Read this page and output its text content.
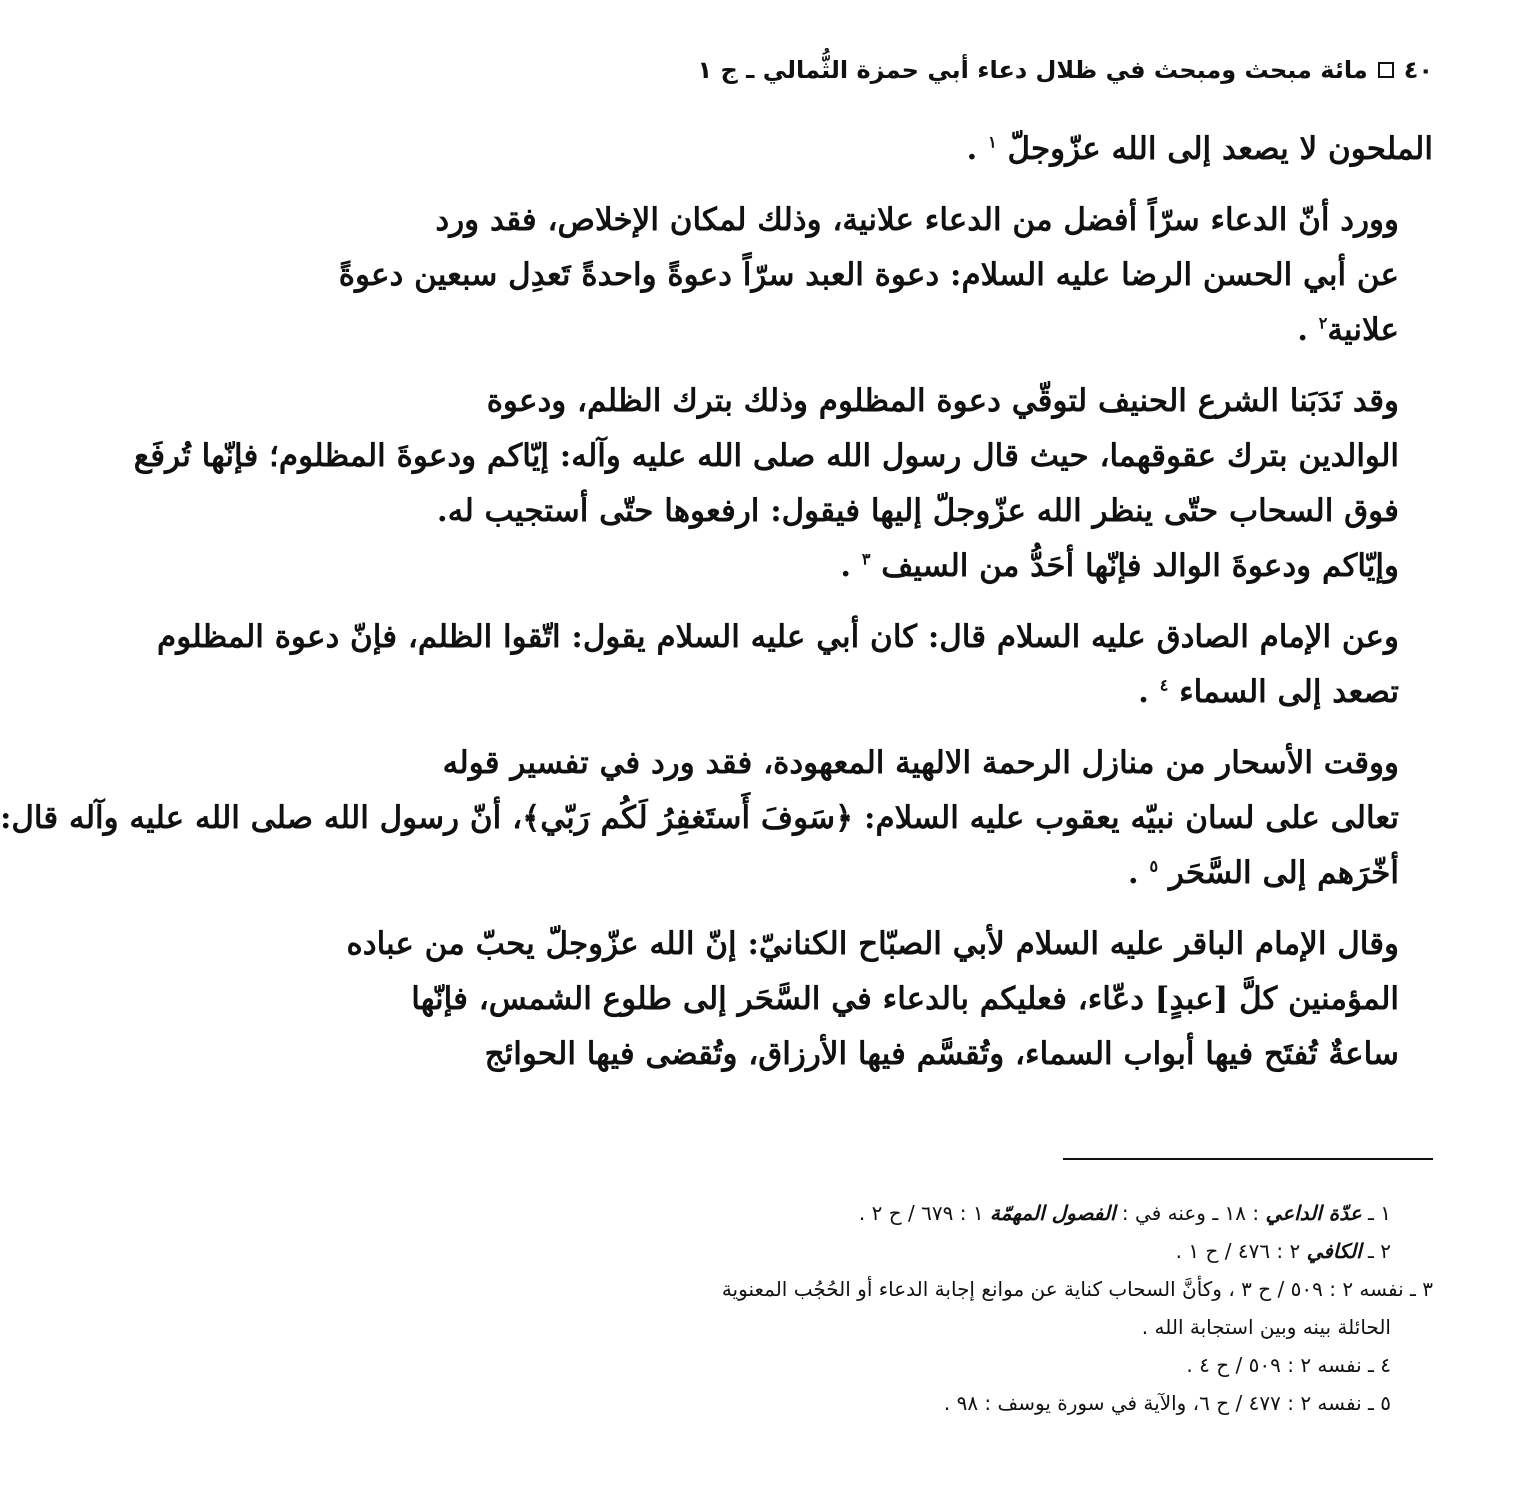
٤٠
مائة مبحث ومبحث في ظلال دعاء أبي حمزة الثُّمالي ـ ج ١

الملحون لا يصعد إلى الله عزّوجلّ $^١$ .

وورد أنّ الدعاء سرّاً أفضل من الدعاء علانية، وذلك لمكان الإخلاص، فقد ورد
عن أبي الحسن الرضا عليه السلام: دعوة العبد سرّاً دعوةً واحدةً تَعدِل سبعين دعوةً
علانية$^٢$ .

وقد نَدَبَنا الشرع الحنيف لتوقّي دعوة المظلوم وذلك بترك الظلم، ودعوة
الوالدين بترك عقوقهما، حيث قال رسول الله صلى الله عليه وآله: إيّاكم ودعوةَ المظلوم؛ فإنّها تُرفَع
فوق السحاب حتّى ينظر الله عزّوجلّ إليها فيقول: ارفعوها حتّى أستجيب له.
وإيّاكم ودعوةَ الوالد فإنّها أحَدُّ من السيف $^٣$ .

وعن الإمام الصادق عليه السلام قال: كان أبي عليه السلام يقول: اتّقوا الظلم، فإنّ دعوة المظلوم
تصعد إلى السماء $^٤$ .

ووقت الأسحار من منازل الرحمة الالهية المعهودة، فقد ورد في تفسير قوله
تعالى على لسان نبيّه يعقوب عليه السلام: ﴿سَوفَ أَستَغفِرُ لَكُم رَبّي﴾، أنّ رسول الله صلى الله عليه وآله قال:
أخّرَهم إلى السَّحَر $^٥$ .

وقال الإمام الباقر عليه السلام لأبي الصبّاح الكنانيّ: إنّ الله عزّوجلّ يحبّ من عباده
المؤمنين كلَّ [عبدٍ] دعّاء، فعليكم بالدعاء في السَّحَر إلى طلوع الشمس، فإنّها
ساعةٌ تُفتَح فيها أبواب السماء، وتُقسَّم فيها الأرزاق، وتُقضى فيها الحوائج

١ ـ عدّة الداعي : ١٨ ـ وعنه في : الفصول المهمّة ١ : ٦٧٩ / ح ٢ .
٢ ـ الكافي ٢ : ٤٧٦ / ح ١ .
٣ ـ نفسه ٢ : ٥٠٩ / ح ٣ ، وكأنَّ السحاب كناية عن موانع إجابة الدعاء أو الحُجُب المعنوية
الحائلة بينه وبين استجابة الله .
٤ ـ نفسه ٢ : ٥٠٩ / ح ٤ .
٥ ـ نفسه ٢ : ٤٧٧ / ح ٦، والآية في سورة يوسف : ٩٨ .
